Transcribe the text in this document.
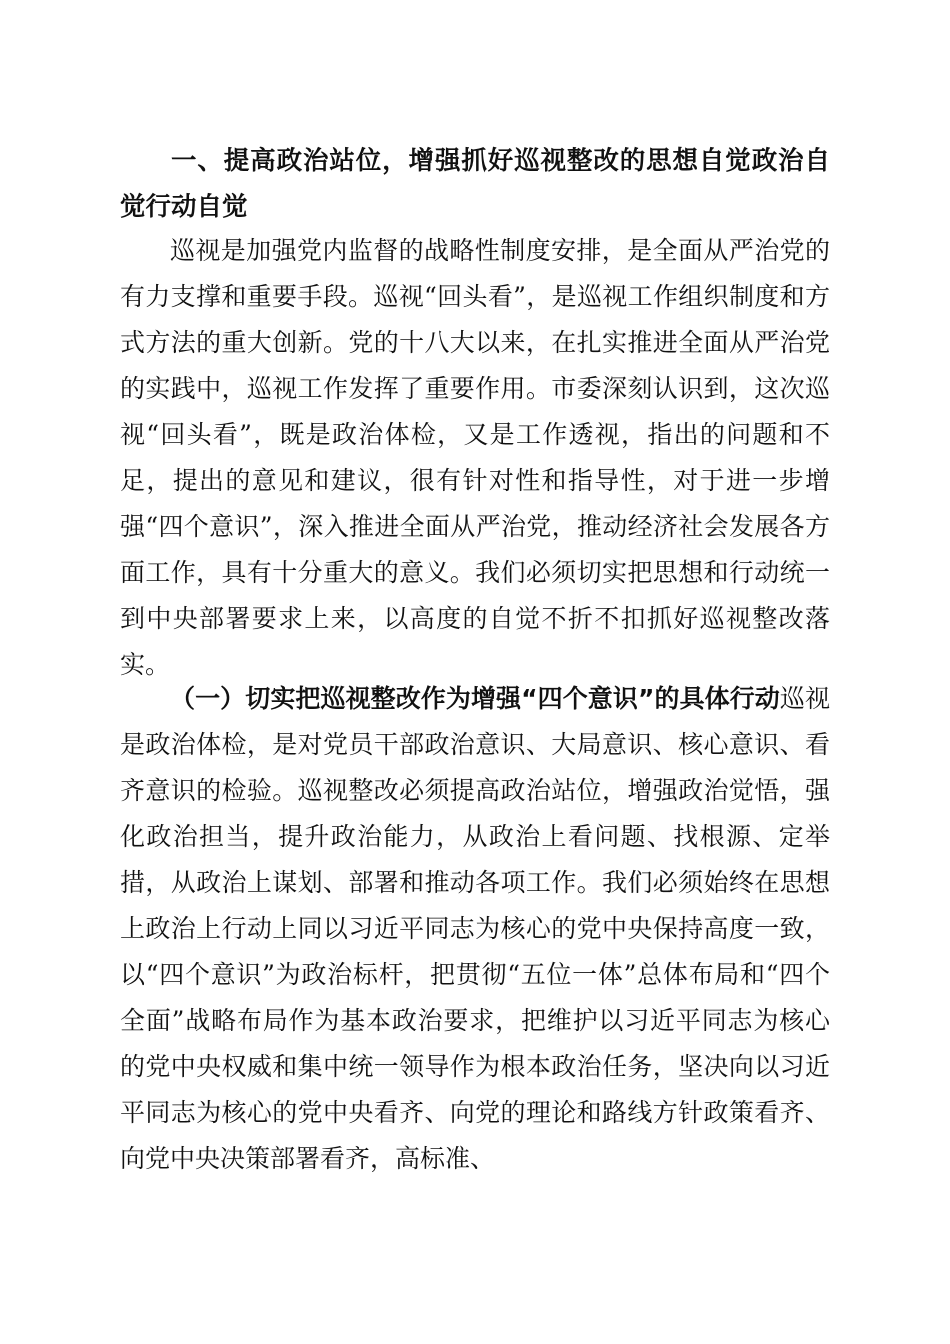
一、提高政治站位，增强抓好巡视整改的思想自觉政治自觉行动自觉
巡视是加强党内监督的战略性制度安排，是全面从严治党的有力支撑和重要手段。巡视“回头看”，是巡视工作组织制度和方式方法的重大创新。党的十八大以来，在扎实推进全面从严治党的实践中，巡视工作发挥了重要作用。市委深刻认识到，这次巡视“回头看”，既是政治体检，又是工作透视，指出的问题和不足，提出的意见和建议，很有针对性和指导性，对于进一步增强“四个意识”，深入推进全面从严治党，推动经济社会发展各方面工作，具有十分重大的意义。我们必须切实把思想和行动统一到中央部署要求上来，以高度的自觉不折不扣抓好巡视整改落实。
（一）切实把巡视整改作为增强“四个意识”的具体行动巡视是政治体检，是对党员干部政治意识、大局意识、核心意识、看齐意识的检验。巡视整改必须提高政治站位，增强政治觉悟，强化政治担当，提升政治能力，从政治上看问题、找根源、定举措，从政治上谋划、部署和推动各项工作。我们必须始终在思想上政治上行动上同以习近平同志为核心的党中央保持高度一致，以“四个意识”为政治标杆，把贯彻“五位一体”总体布局和“四个全面”战略布局作为基本政治要求，把维护以习近平同志为核心的党中央权威和集中统一领导作为根本政治任务，坚决向以习近平同志为核心的党中央看齐、向党的理论和路线方针政策看齐、向党中央决策部署看齐，高标准、
